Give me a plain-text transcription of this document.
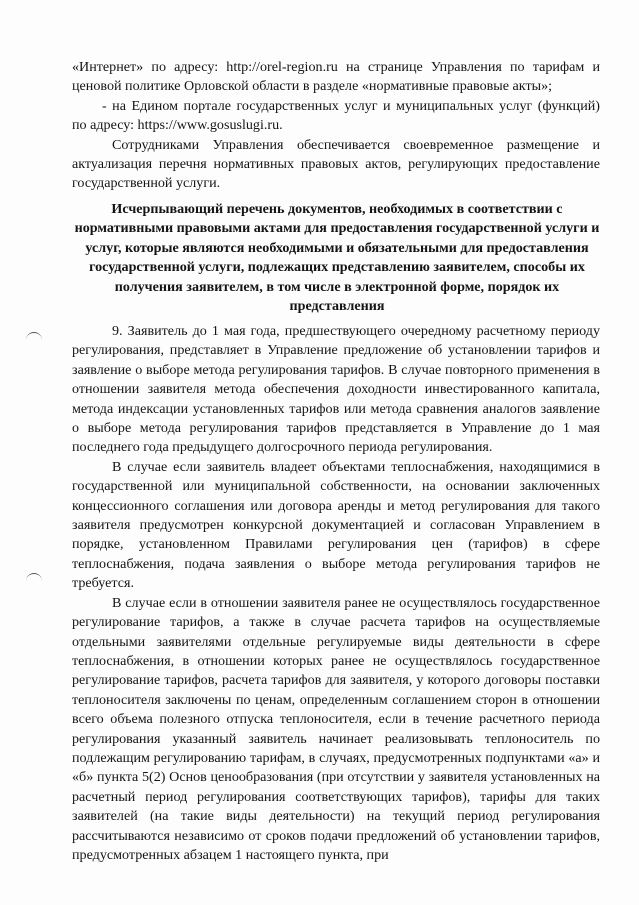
«Интернет» по адресу: http://orel-region.ru на странице Управления по тарифам и ценовой политике Орловской области в разделе «нормативные правовые акты»;

- на Едином портале государственных услуг и муниципальных услуг (функций) по адресу: https://www.gosuslugi.ru.

Сотрудниками Управления обеспечивается своевременное размещение и актуализация перечня нормативных правовых актов, регулирующих предоставление государственной услуги.

Исчерпывающий перечень документов, необходимых в соответствии с нормативными правовыми актами для предоставления государственной услуги и услуг, которые являются необходимыми и обязательными для предоставления государственной услуги, подлежащих представлению заявителем, способы их получения заявителем, в том числе в электронной форме, порядок их представления

9. Заявитель до 1 мая года, предшествующего очередному расчетному периоду регулирования, представляет в Управление предложение об установлении тарифов и заявление о выборе метода регулирования тарифов. В случае повторного применения в отношении заявителя метода обеспечения доходности инвестированного капитала, метода индексации установленных тарифов или метода сравнения аналогов заявление о выборе метода регулирования тарифов представляется в Управление до 1 мая последнего года предыдущего долгосрочного периода регулирования.

В случае если заявитель владеет объектами теплоснабжения, находящимися в государственной или муниципальной собственности, на основании заключенных концессионного соглашения или договора аренды и метод регулирования для такого заявителя предусмотрен конкурсной документацией и согласован Управлением в порядке, установленном Правилами регулирования цен (тарифов) в сфере теплоснабжения, подача заявления о выборе метода регулирования тарифов не требуется.

В случае если в отношении заявителя ранее не осуществлялось государственное регулирование тарифов, а также в случае расчета тарифов на осуществляемые отдельными заявителями отдельные регулируемые виды деятельности в сфере теплоснабжения, в отношении которых ранее не осуществлялось государственное регулирование тарифов, расчета тарифов для заявителя, у которого договоры поставки теплоносителя заключены по ценам, определенным соглашением сторон в отношении всего объема полезного отпуска теплоносителя, если в течение расчетного периода регулирования указанный заявитель начинает реализовывать теплоноситель по подлежащим регулированию тарифам, в случаях, предусмотренных подпунктами «а» и «б» пункта 5(2) Основ ценообразования (при отсутствии у заявителя установленных на расчетный период регулирования соответствующих тарифов), тарифы для таких заявителей (на такие виды деятельности) на текущий период регулирования рассчитываются независимо от сроков подачи предложений об установлении тарифов, предусмотренных абзацем 1 настоящего пункта, при
